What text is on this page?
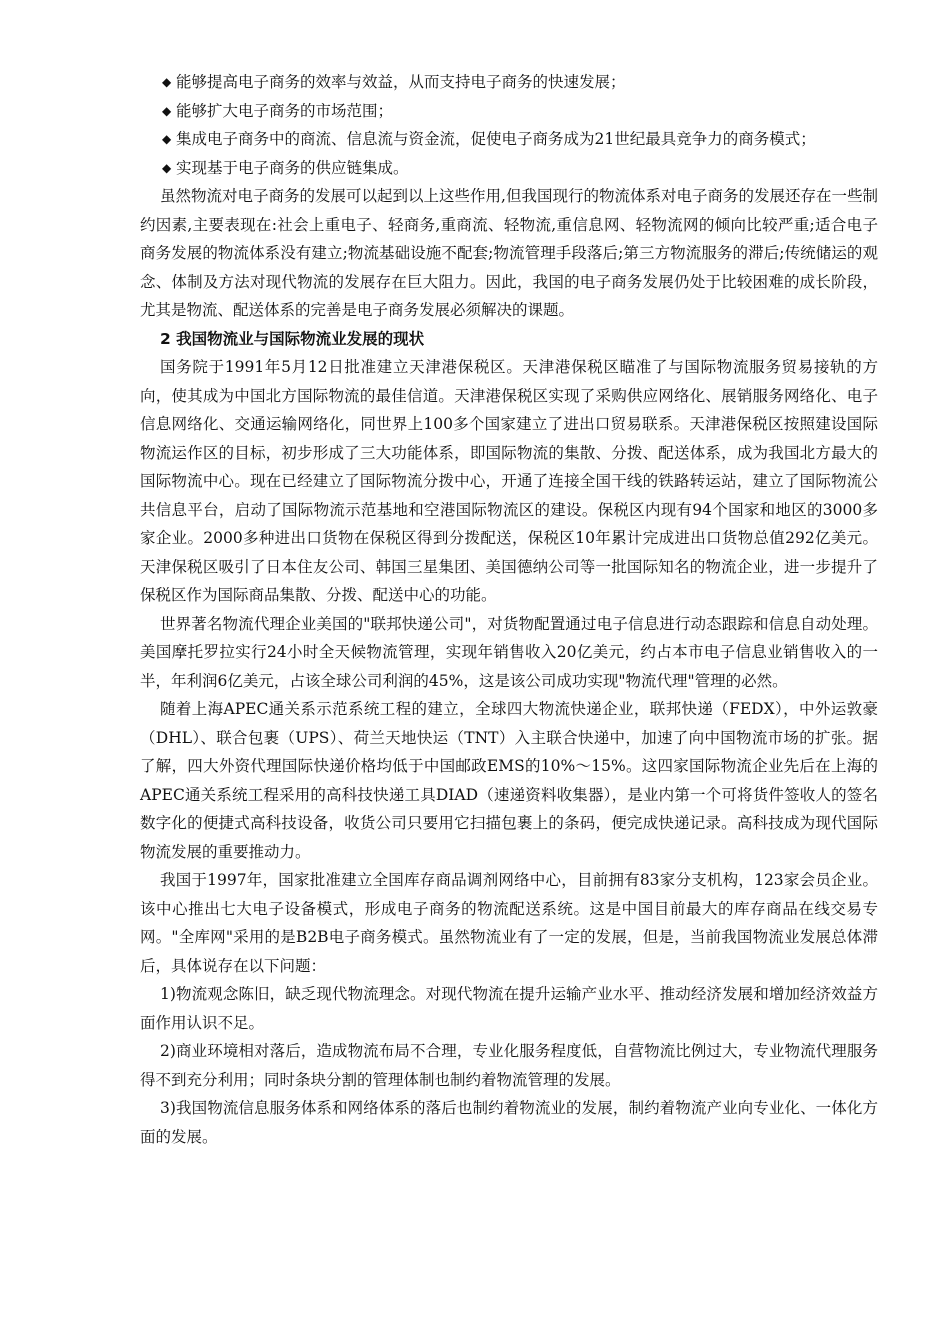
◆ 能够提高电子商务的效率与效益，从而支持电子商务的快速发展；
◆ 能够扩大电子商务的市场范围；
◆ 集成电子商务中的商流、信息流与资金流，促使电子商务成为21世纪最具竞争力的商务模式；
◆ 实现基于电子商务的供应链集成。

虽然物流对电子商务的发展可以起到以上这些作用,但我国现行的物流体系对电子商务的发展还存在一些制约因素,主要表现在:社会上重电子、轻商务,重商流、轻物流,重信息网、轻物流网的倾向比较严重;适合电子商务发展的物流体系没有建立;物流基础设施不配套;物流管理手段落后;第三方物流服务的滞后;传统储运的观念、体制及方法对现代物流的发展存在巨大阻力。因此，我国的电子商务发展仍处于比较困难的成长阶段，尤其是物流、配送体系的完善是电子商务发展必须解决的课题。

2 我国物流业与国际物流业发展的现状

国务院于1991年5月12日批准建立天津港保税区。天津港保税区瞄准了与国际物流服务贸易接轨的方向，使其成为中国北方国际物流的最佳信道。天津港保税区实现了采购供应网络化、展销服务网络化、电子信息网络化、交通运输网络化，同世界上100多个国家建立了进出口贸易联系。天津港保税区按照建设国际物流运作区的目标，初步形成了三大功能体系，即国际物流的集散、分拨、配送体系，成为我国北方最大的国际物流中心。现在已经建立了国际物流分拨中心，开通了连接全国干线的铁路转运站，建立了国际物流公共信息平台，启动了国际物流示范基地和空港国际物流区的建设。保税区内现有94个国家和地区的3000多家企业。2000多种进出口货物在保税区得到分拨配送，保税区10年累计完成进出口货物总值292亿美元。天津保税区吸引了日本住友公司、韩国三星集团、美国德纳公司等一批国际知名的物流企业，进一步提升了保税区作为国际商品集散、分拨、配送中心的功能。

世界著名物流代理企业美国的"联邦快递公司"，对货物配置通过电子信息进行动态跟踪和信息自动处理。美国摩托罗拉实行24小时全天候物流管理，实现年销售收入20亿美元，约占本市电子信息业销售收入的一半，年利润6亿美元，占该全球公司利润的45%，这是该公司成功实现"物流代理"管理的必然。

随着上海APEC通关系示范系统工程的建立，全球四大物流快递企业，联邦快递（FEDX），中外运敦豪（DHL）、联合包裹（UPS）、荷兰天地快运（TNT）入主联合快递中，加速了向中国物流市场的扩张。据了解，四大外资代理国际快递价格均低于中国邮政EMS的10%～15%。这四家国际物流企业先后在上海的APEC通关系统工程采用的高科技快递工具DIAD（速递资料收集器），是业内第一个可将货件签收人的签名数字化的便捷式高科技设备，收货公司只要用它扫描包裹上的条码，便完成快递记录。高科技成为现代国际物流发展的重要推动力。

我国于1997年，国家批准建立全国库存商品调剂网络中心，目前拥有83家分支机构，123家会员企业。该中心推出七大电子设备模式，形成电子商务的物流配送系统。这是中国目前最大的库存商品在线交易专网。"全库网"采用的是B2B电子商务模式。虽然物流业有了一定的发展，但是，当前我国物流业发展总体滞后，具体说存在以下问题：

1)物流观念陈旧，缺乏现代物流理念。对现代物流在提升运输产业水平、推动经济发展和增加经济效益方面作用认识不足。

2)商业环境相对落后，造成物流布局不合理，专业化服务程度低，自营物流比例过大，专业物流代理服务得不到充分利用；同时条块分割的管理体制也制约着物流管理的发展。

3)我国物流信息服务体系和网络体系的落后也制约着物流业的发展，制约着物流产业向专业化、一体化方面的发展。
